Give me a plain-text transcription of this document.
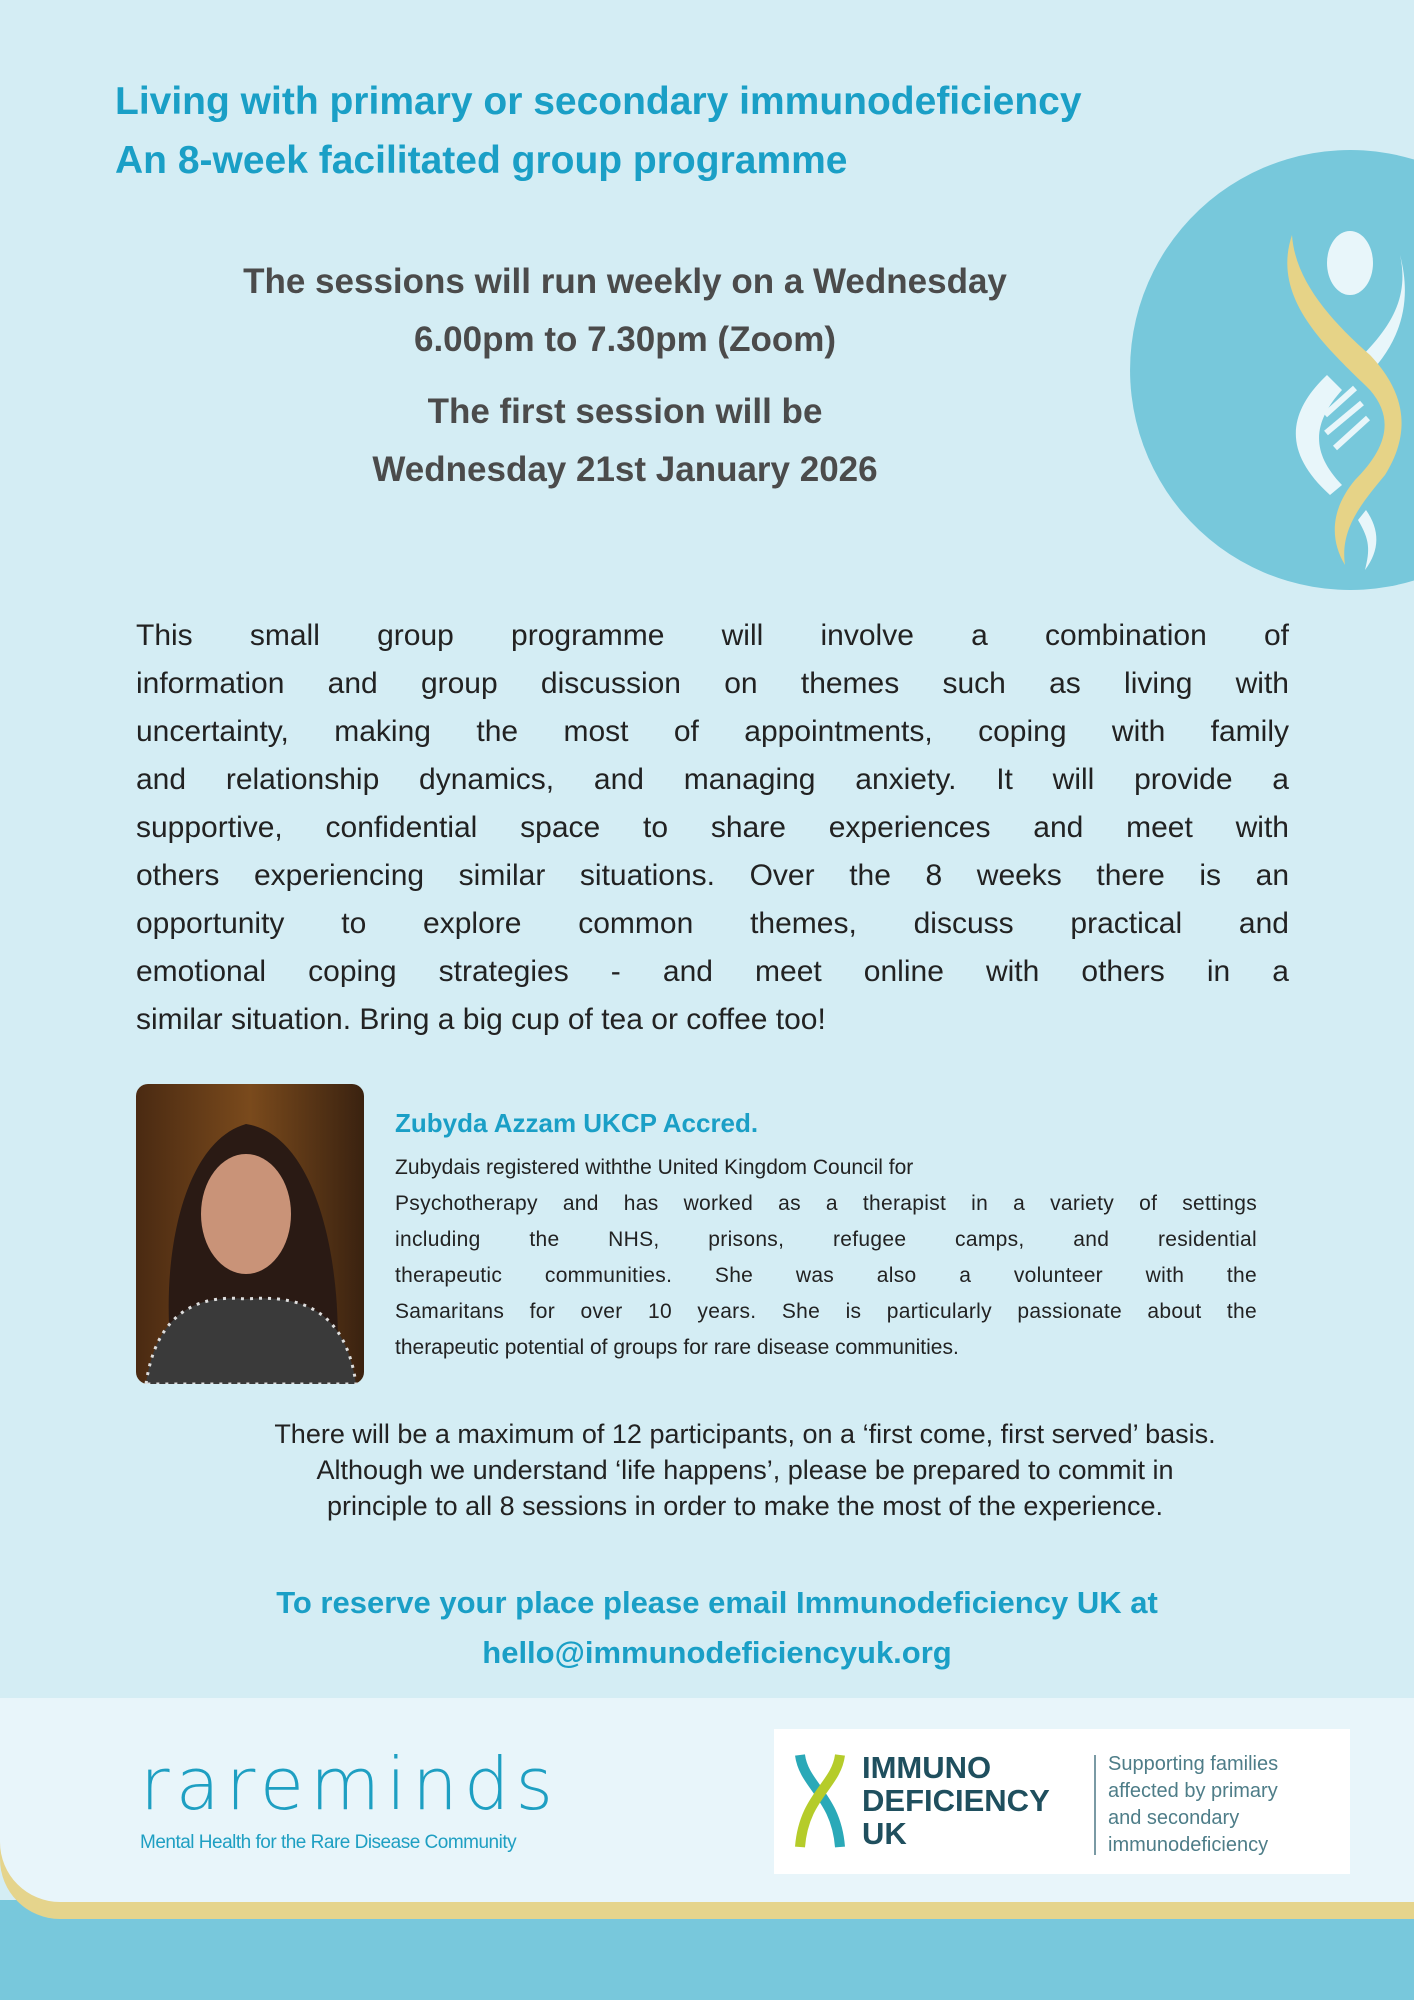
Living with primary or secondary immunodeficiency
An 8-week facilitated group programme
The sessions will run weekly on a Wednesday
6.00pm to 7.30pm (Zoom)
The first session will be
Wednesday 21st January 2026
This small group programme will involve a combination of
information and group discussion on themes such as living with
uncertainty, making the most of appointments, coping with family
and relationship dynamics, and managing anxiety. It will provide a
supportive, confidential space to share experiences and meet with
others experiencing similar situations. Over the 8 weeks there is an
opportunity to explore common themes, discuss practical and
emotional coping strategies - and meet online with others in a
similar situation. Bring a big cup of tea or coffee too!
Zubyda Azzam UKCP Accred.
Zubydais registered withthe United Kingdom Council for
Psychotherapy and has worked as a therapist in a variety of settings
including the NHS, prisons, refugee camps, and residential
therapeutic communities. She was also a volunteer with the
Samaritans for over 10 years. She is particularly passionate about the
therapeutic potential of groups for rare disease communities.
There will be a maximum of 12 participants, on a ‘first come, first served’ basis.
Although we understand ‘life happens’, please be prepared to commit in
principle to all 8 sessions in order to make the most of the experience.
To reserve your place please email Immunodeficiency UK at
hello@immunodeficiencyuk.org
rareminds
Mental Health for the Rare Disease Community
IMMUNO
DEFICIENCY
UK
Supporting families
affected by primary
and secondary
immunodeficiency
